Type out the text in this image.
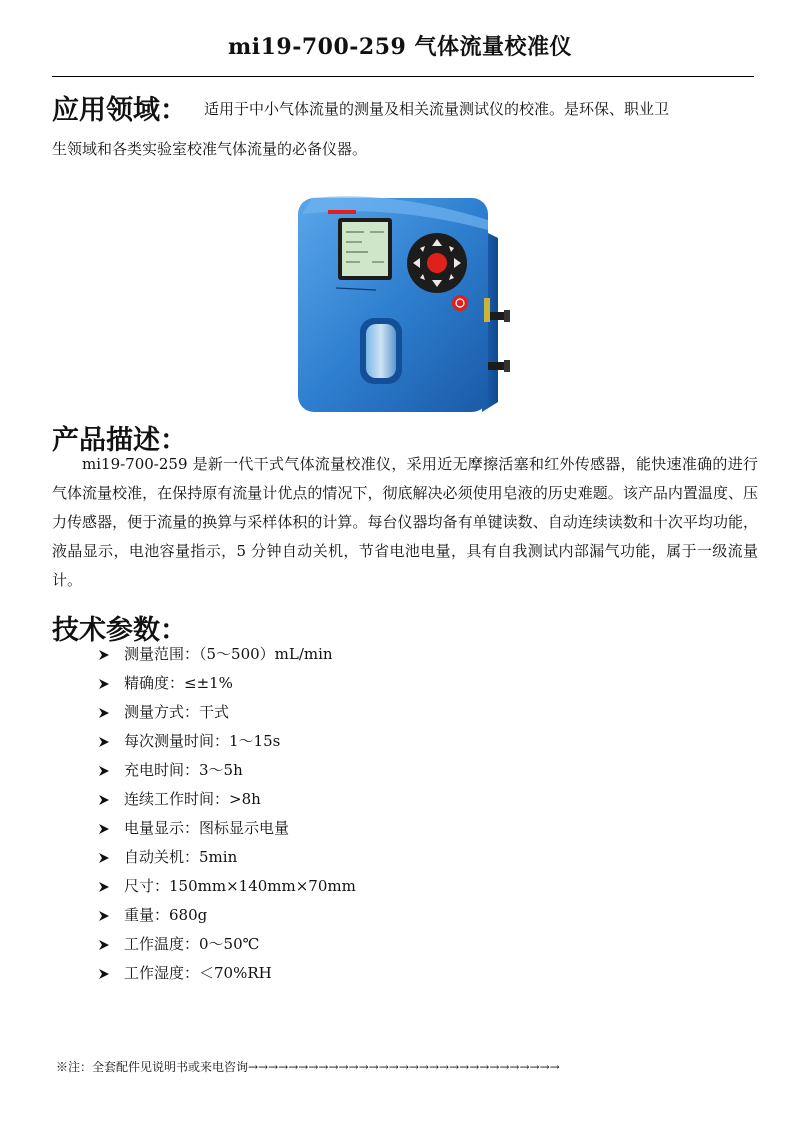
mi19-700-259 气体流量校准仪
应用领域： 适用于中小气体流量的测量及相关流量测试仪的校准。是环保、职业卫
生领域和各类实验室校准气体流量的必备仪器。
产品描述：
mi19-700-259 是新一代干式气体流量校准仪，采用近无摩擦活塞和红外传感器，能快速准确的进行气体流量校准，在保持原有流量计优点的情况下，彻底解决必须使用皂液的历史难题。该产品内置温度、压力传感器，便于流量的换算与采样体积的计算。每台仪器均备有单键读数、自动连续读数和十次平均功能，液晶显示，电池容量指示，5 分钟自动关机，节省电池电量，具有自我测试内部漏气功能，属于一级流量计。
技术参数：
测量范围：（5～500）mL/min
精确度：≤±1%
测量方式：干式
每次测量时间：1～15s
充电时间：3～5h
连续工作时间：>8h
电量显示：图标显示电量
自动关机：5min
尺寸：150mm×140mm×70mm
重量：680g
工作温度：0～50℃
工作湿度：＜70%RH
※注：全套配件见说明书或来电咨询→→→→→→→→→→→→→→→→→→→→→→→→→→→→→→→
